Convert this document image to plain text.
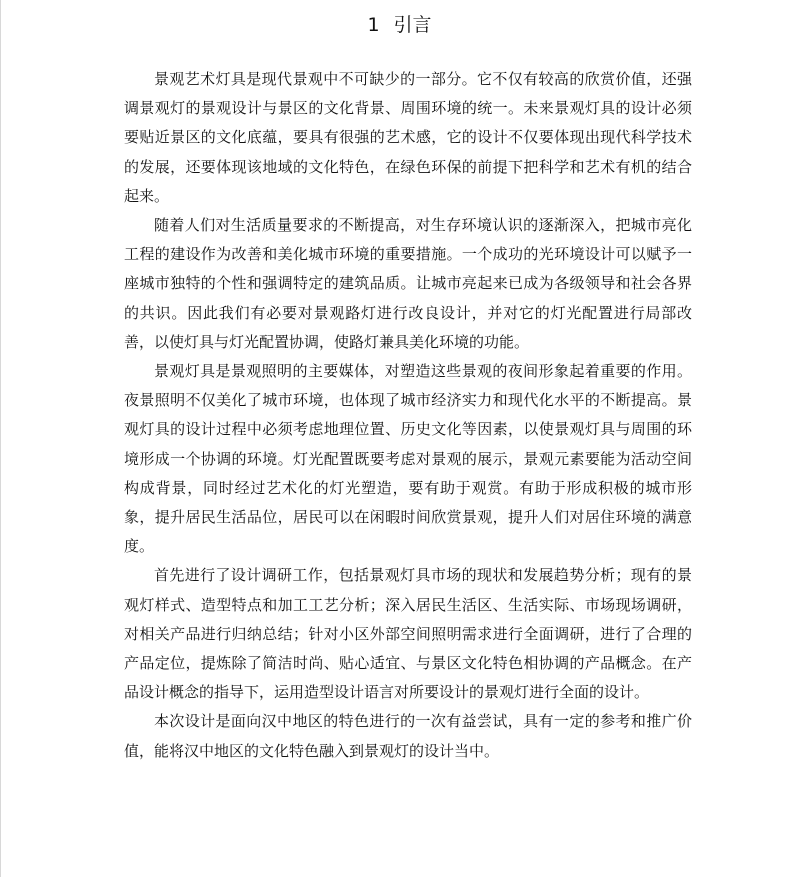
1 引言

景观艺术灯具是现代景观中不可缺少的一部分。它不仅有较高的欣赏价值，还强调景观灯的景观设计与景区的文化背景、周围环境的统一。未来景观灯具的设计必须要贴近景区的文化底蕴，要具有很强的艺术感，它的设计不仅要体现出现代科学技术的发展，还要体现该地域的文化特色，在绿色环保的前提下把科学和艺术有机的结合起来。

随着人们对生活质量要求的不断提高，对生存环境认识的逐渐深入，把城市亮化工程的建设作为改善和美化城市环境的重要措施。一个成功的光环境设计可以赋予一座城市独特的个性和强调特定的建筑品质。让城市亮起来已成为各级领导和社会各界的共识。因此我们有必要对景观路灯进行改良设计，并对它的灯光配置进行局部改善，以使灯具与灯光配置协调，使路灯兼具美化环境的功能。

景观灯具是景观照明的主要媒体，对塑造这些景观的夜间形象起着重要的作用。夜景照明不仅美化了城市环境，也体现了城市经济实力和现代化水平的不断提高。景观灯具的设计过程中必须考虑地理位置、历史文化等因素，以使景观灯具与周围的环境形成一个协调的环境。灯光配置既要考虑对景观的展示，景观元素要能为活动空间构成背景，同时经过艺术化的灯光塑造，要有助于观赏。有助于形成积极的城市形象，提升居民生活品位，居民可以在闲暇时间欣赏景观，提升人们对居住环境的满意度。

首先进行了设计调研工作，包括景观灯具市场的现状和发展趋势分析；现有的景观灯样式、造型特点和加工工艺分析；深入居民生活区、生活实际、市场现场调研，对相关产品进行归纳总结；针对小区外部空间照明需求进行全面调研，进行了合理的产品定位，提炼除了简洁时尚、贴心适宜、与景区文化特色相协调的产品概念。在产品设计概念的指导下，运用造型设计语言对所要设计的景观灯进行全面的设计。

本次设计是面向汉中地区的特色进行的一次有益尝试，具有一定的参考和推广价值，能将汉中地区的文化特色融入到景观灯的设计当中。
